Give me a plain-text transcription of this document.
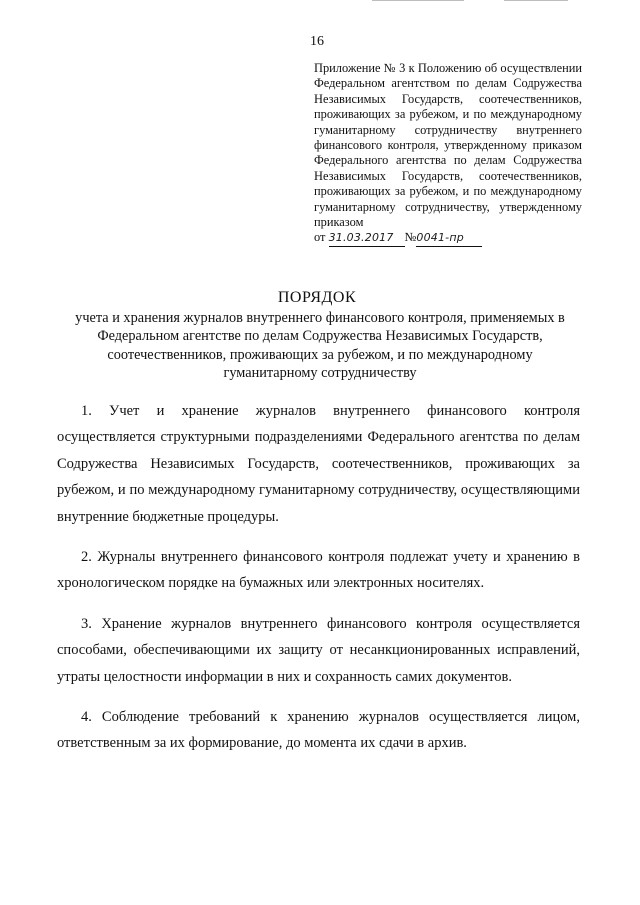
16
Приложение № 3 к Положению об осуществлении Федеральном агентством по делам Содружества Независимых Государств, соотечественников, проживающих за рубежом, и по международному гуманитарному сотрудничеству внутреннего финансового контроля, утвержденному приказом Федерального агентства по делам Содружества Независимых Государств, соотечественников, проживающих за рубежом, и по международному гуманитарному сотрудничеству, утвержденному приказом
от 31.03.2017 №0041-пр
ПОРЯДОК
учета и хранения журналов внутреннего финансового контроля, применяемых в Федеральном агентстве по делам Содружества Независимых Государств, соотечественников, проживающих за рубежом, и по международному гуманитарному сотрудничеству

1. Учет и хранение журналов внутреннего финансового контроля осуществляется структурными подразделениями Федерального агентства по делам Содружества Независимых Государств, соотечественников, проживающих за рубежом, и по международному гуманитарному сотрудничеству, осуществляющими внутренние бюджетные процедуры.

2. Журналы внутреннего финансового контроля подлежат учету и хранению в хронологическом порядке на бумажных или электронных носителях.

3. Хранение журналов внутреннего финансового контроля осуществляется способами, обеспечивающими их защиту от несанкционированных исправлений, утраты целостности информации в них и сохранность самих документов.

4. Соблюдение требований к хранению журналов осуществляется лицом, ответственным за их формирование, до момента их сдачи в архив.
